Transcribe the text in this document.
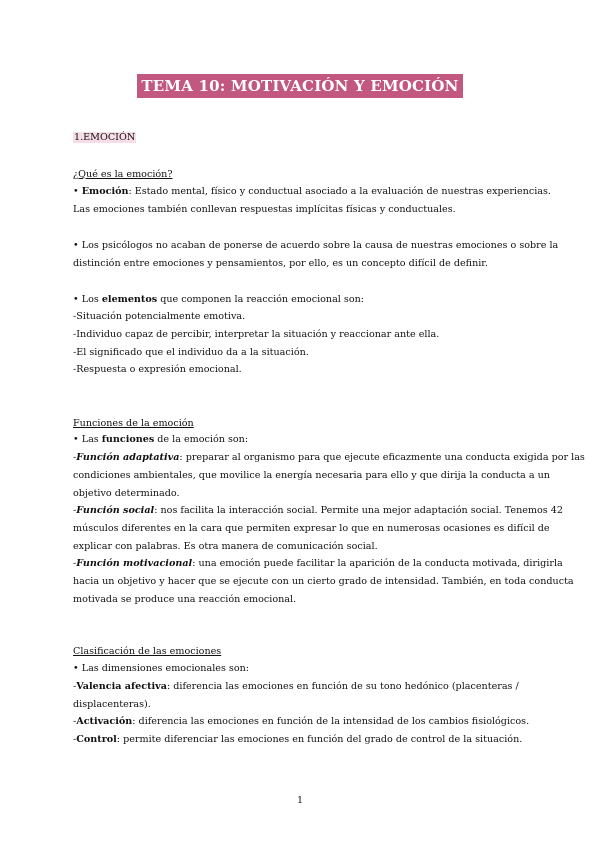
TEMA 10: MOTIVACIÓN Y EMOCIÓN
1.EMOCIÓN
¿Qué es la emoción?
• Emoción: Estado mental, físico y conductual asociado a la evaluación de nuestras experiencias.
Las emociones también conllevan respuestas implícitas físicas y conductuales.
• Los psicólogos no acaban de ponerse de acuerdo sobre la causa de nuestras emociones o sobre la
distinción entre emociones y pensamientos, por ello, es un concepto difícil de definir.
• Los elementos que componen la reacción emocional son:
-Situación potencialmente emotiva.
-Individuo capaz de percibir, interpretar la situación y reaccionar ante ella.
-El significado que el individuo da a la situación.
-Respuesta o expresión emocional.
Funciones de la emoción
• Las funciones de la emoción son:
-Función adaptativa: preparar al organismo para que ejecute eficazmente una conducta exigida por las
condiciones ambientales, que movilice la energía necesaria para ello y que dirija la conducta a un
objetivo determinado.
-Función social: nos facilita la interacción social. Permite una mejor adaptación social. Tenemos 42
músculos diferentes en la cara que permiten expresar lo que en numerosas ocasiones es difícil de
explicar con palabras. Es otra manera de comunicación social.
-Función motivacional: una emoción puede facilitar la aparición de la conducta motivada, dirigirla
hacia un objetivo y hacer que se ejecute con un cierto grado de intensidad. También, en toda conducta
motivada se produce una reacción emocional.
Clasificación de las emociones
• Las dimensiones emocionales son:
-Valencia afectiva: diferencia las emociones en función de su tono hedónico (placenteras /
displacenteras).
-Activación: diferencia las emociones en función de la intensidad de los cambios fisiológicos.
-Control: permite diferenciar las emociones en función del grado de control de la situación.
1
